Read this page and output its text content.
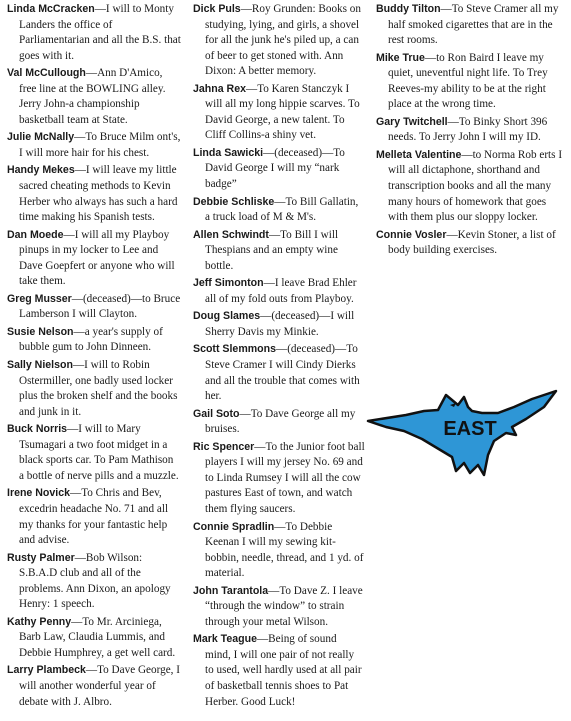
Linda McCracken—I will to Monty Landers the office of Parliamentarian and all the B.S. that goes with it.
Val McCullough—Ann D'Amico, free line at the BOWLING alley. Jerry John-a championship basketball team at State.
Julie McNally—To Bruce Milm ont's, I will more hair for his chest.
Handy Mekes—I will leave my little sacred cheating methods to Kevin Herber who always has such a hard time making his Spanish tests.
Dan Moede—I will all my Playboy pinups in my locker to Lee and Dave Goepfert or anyone who will take them.
Greg Musser—(deceased)—to Bruce Lamberson I will Clayton.
Susie Nelson—a year's supply of bubble gum to John Dinneen.
Sally Nielson—I will to Robin Ostermiller, one badly used locker plus the broken shelf and the books and junk in it.
Buck Norris—I will to Mary Tsumagari a two foot midget in a black sports car. To Pam Mathison a bottle of nerve pills and a muzzle.
Irene Novick—To Chris and Bev, excedrin headache No. 71 and all my thanks for your fantastic help and advise.
Rusty Palmer—Bob Wilson: S.B.A.D club and all of the problems. Ann Dixon, an apology Henry: 1 speech.
Kathy Penny—To Mr. Arciniega, Barb Law, Claudia Lummis, and Debbie Humphrey, a get well card.
Larry Plambeck—To Dave George, I will another wonderful year of debate with J. Albro.
Dick Puls—Roy Grunden: Books on studying, lying, and girls, a shovel for all the junk he's piled up, a can of beer to get stoned with. Ann Dixon: A better memory.
Jahna Rex—To Karen Stanczyk I will all my long hippie scarves. To David George, a new talent. To Cliff Collins-a shiny vet.
Linda Sawicki—(deceased)—To David George I will my “nark badge”
Debbie Schliske—To Bill Gallatin, a truck load of M & M's.
Allen Schwindt—To Bill I will Thespians and an empty wine bottle.
Jeff Simonton—I leave Brad Ehler all of my fold outs from Playboy.
Doug Slames—(deceased)—I will Sherry Davis my Minkie.
Scott Slemmons—(deceased)—To Steve Cramer I will Cindy Dierks and all the trouble that comes with her.
Gail Soto—To Dave George all my bruises.
Ric Spencer—To the Junior foot ball players I will my jersey No. 69 and to Linda Rumsey I will all the cow pastures East of town, and watch them flying saucers.
Connie Spradlin—To Debbie Keenan I will my sewing kit-bobbin, needle, thread, and 1 yd. of material.
John Tarantola—To Dave Z. I leave “through the window” to strain through your metal Wilson.
Mark Teague—Being of sound mind, I will one pair of not really to used, well hardly used at all pair of basketball tennis shoes to Pat Herber. Good Luck!
Buddy Tilton—To Steve Cramer all my half smoked cigarettes that are in the rest rooms.
Mike True—to Ron Baird I leave my quiet, uneventful night life. To Trey Reeves-my ability to be at the right place at the wrong time.
Gary Twitchell—To Binky Short 396 needs. To Jerry John I will my ID.
Melleta Valentine—to Norma Rob erts I will all dictaphone, shorthand and transcription books and all the many many hours of homework that goes with them plus our sloppy locker.
Connie Vosler—Kevin Stoner, a list of body building exercises.
EAST
